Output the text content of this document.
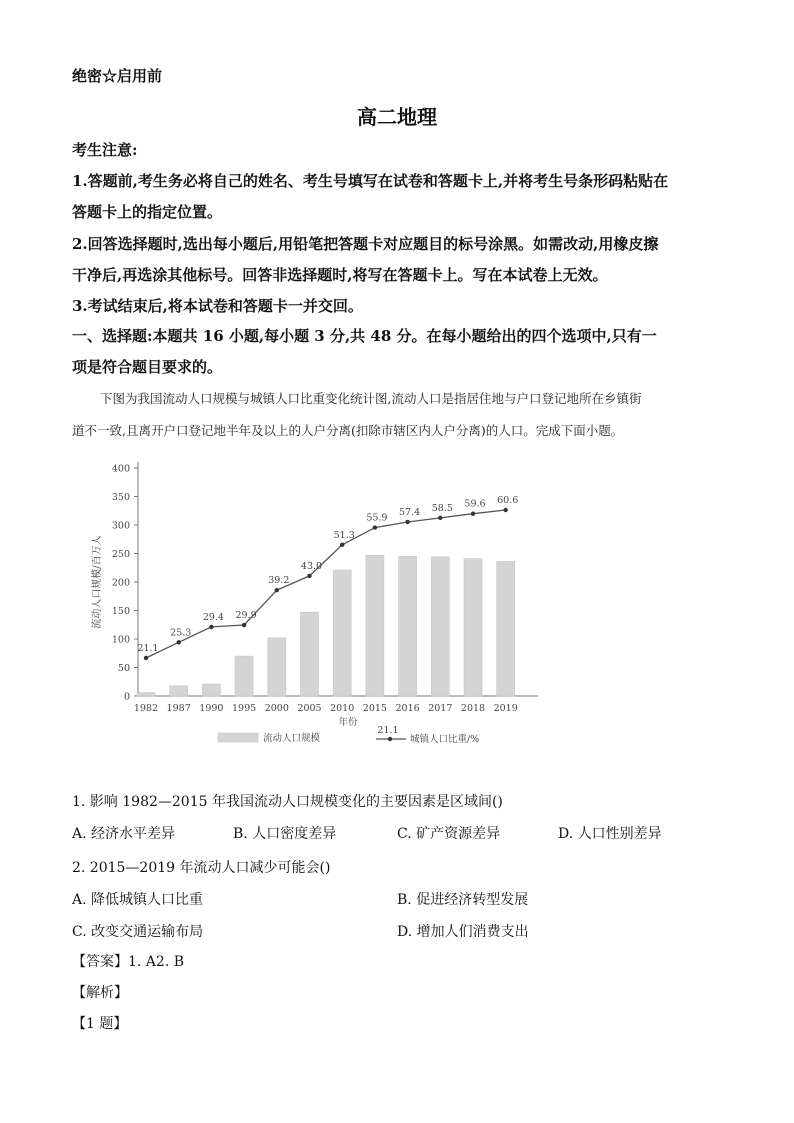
绝密☆启用前
高二地理
考生注意:
1.答题前,考生务必将自己的姓名、考生号填写在试卷和答题卡上,并将考生号条形码粘贴在
答题卡上的指定位置。
2.回答选择题时,选出每小题后,用铅笔把答题卡对应题目的标号涂黑。如需改动,用橡皮擦
干净后,再选涂其他标号。回答非选择题时,将写在答题卡上。写在本试卷上无效。
3.考试结束后,将本试卷和答题卡一并交回。
一、选择题:本题共 16 小题,每小题 3 分,共 48 分。在每小题给出的四个选项中,只有一
项是符合题目要求的。
下图为我国流动人口规模与城镇人口比重变化统计图,流动人口是指居住地与户口登记地所在乡镇街
道不一致,且离开户口登记地半年及以上的人户分离(扣除市辖区内人户分离)的人口。完成下面小题。
0
50
100
150
200
250
300
350
400
流动人口规模/百万人
1982 1987 1990 1995 2000 2005 2010 2015 2016 2017 2018 2019
年份
21.1
25.3
29.4 29.9
39.2
43.0
51.3
55.9
57.4 58.5 59.6 60.6
流动人口规模
21.1
城镇人口比重/%
1. 影响 1982—2015 年我国流动人口规模变化的主要因素是区域间()
A. 经济水平差异	B. 人口密度差异	C. 矿产资源差异	D. 人口性别差异
2. 2015—2019 年流动人口减少可能会()
A. 降低城镇人口比重	B. 促进经济转型发展
C. 改变交通运输布局	D. 增加人们消费支出
【答案】1. A2. B
【解析】
【1 题】
